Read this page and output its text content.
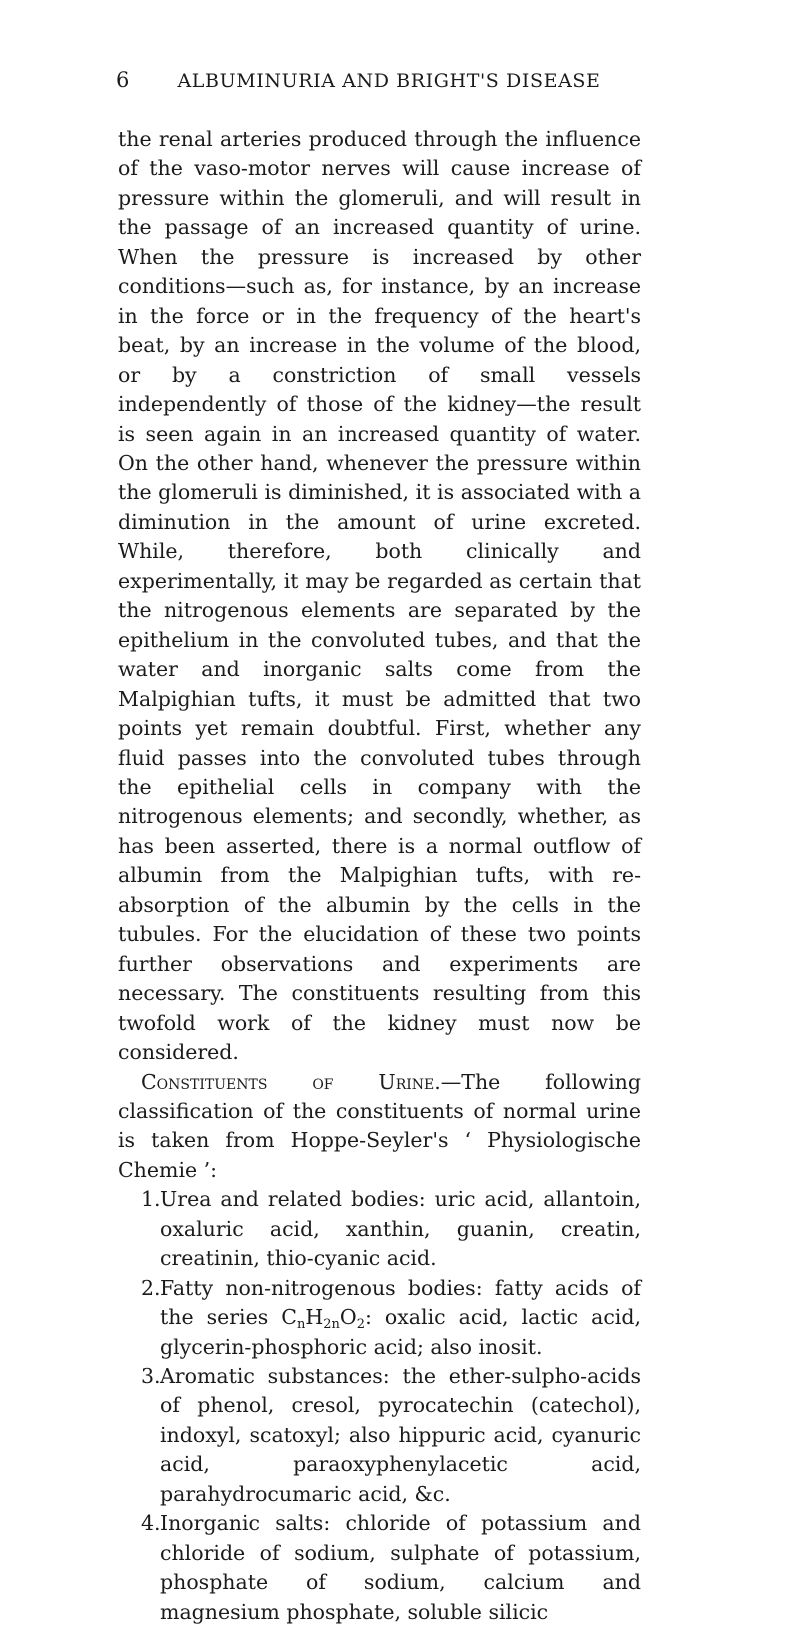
6	ALBUMINURIA AND BRIGHT'S DISEASE

the renal arteries produced through the influence of the vaso-motor nerves will cause increase of pressure within the glomeruli, and will result in the passage of an increased quantity of urine. When the pressure is increased by other conditions—such as, for instance, by an increase in the force or in the frequency of the heart's beat, by an increase in the volume of the blood, or by a constriction of small vessels independently of those of the kidney—the result is seen again in an increased quantity of water. On the other hand, whenever the pressure within the glomeruli is diminished, it is associated with a diminution in the amount of urine excreted. While, therefore, both clinically and experimentally, it may be regarded as certain that the nitrogenous elements are separated by the epithelium in the convoluted tubes, and that the water and inorganic salts come from the Malpighian tufts, it must be admitted that two points yet remain doubtful. First, whether any fluid passes into the convoluted tubes through the epithelial cells in company with the nitrogenous elements; and secondly, whether, as has been asserted, there is a normal outflow of albumin from the Malpighian tufts, with re-absorption of the albumin by the cells in the tubules. For the elucidation of these two points further observations and experiments are necessary. The constituents resulting from this twofold work of the kidney must now be considered.

Constituents of Urine.—The following classification of the constituents of normal urine is taken from Hoppe-Seyler's ‘ Physiologische Chemie ’:

1. Urea and related bodies: uric acid, allantoin, oxaluric acid, xanthin, guanin, creatin, creatinin, thio-cyanic acid.
2. Fatty non-nitrogenous bodies: fatty acids of the series $C_nH_{2n}O_2$: oxalic acid, lactic acid, glycerin-phosphoric acid; also inosit.
3. Aromatic substances: the ether-sulpho-acids of phenol, cresol, pyrocatechin (catechol), indoxyl, scatoxyl; also hippuric acid, cyanuric acid, paraoxyphenylacetic acid, parahydrocumaric acid, &c.
4. Inorganic salts: chloride of potassium and chloride of sodium, sulphate of potassium, phosphate of sodium, calcium and magnesium phosphate, soluble silicic
